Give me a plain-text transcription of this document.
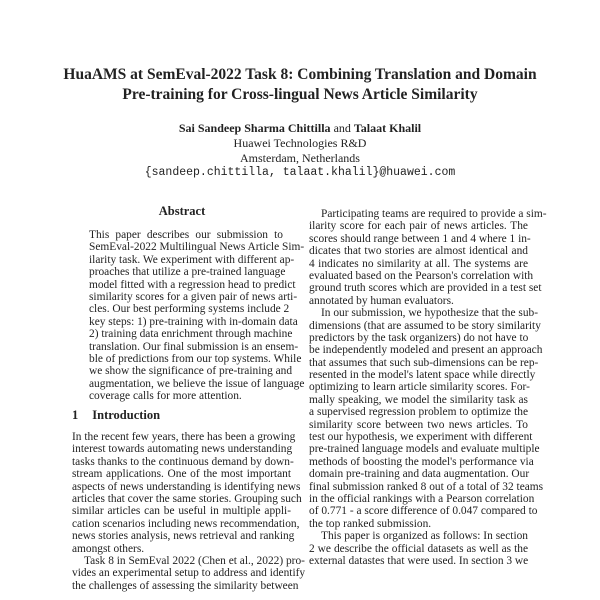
HuaAMS at SemEval-2022 Task 8: Combining Translation and Domain
Pre-training for Cross-lingual News Article Similarity
Sai Sandeep Sharma Chittilla and Talaat Khalil
Huawei Technologies R&D
Amsterdam, Netherlands
{sandeep.chittilla, talaat.khalil}@huawei.com
Abstract
This paper describes our submission to
SemEval-2022 Multilingual News Article Sim-
ilarity task. We experiment with different ap-
proaches that utilize a pre-trained language
model fitted with a regression head to predict
similarity scores for a given pair of news arti-
cles. Our best performing systems include 2
key steps: 1) pre-training with in-domain data
2) training data enrichment through machine
translation. Our final submission is an ensem-
ble of predictions from our top systems. While
we show the significance of pre-training and
augmentation, we believe the issue of language
coverage calls for more attention.
1 Introduction
In the recent few years, there has been a growing
interest towards automating news understanding
tasks thanks to the continuous demand by down-
stream applications. One of the most important
aspects of news understanding is identifying news
articles that cover the same stories. Grouping such
similar articles can be useful in multiple appli-
cation scenarios including news recommendation,
news stories analysis, news retrieval and ranking
amongst others.
Task 8 in SemEval 2022 (Chen et al., 2022) pro-
vides an experimental setup to address and identify
the challenges of assessing the similarity between
Participating teams are required to provide a sim-
ilarity score for each pair of news articles. The
scores should range between 1 and 4 where 1 in-
dicates that two stories are almost identical and
4 indicates no similarity at all. The systems are
evaluated based on the Pearson's correlation with
ground truth scores which are provided in a test set
annotated by human evaluators.
In our submission, we hypothesize that the sub-
dimensions (that are assumed to be story similarity
predictors by the task organizers) do not have to
be independently modeled and present an approach
that assumes that such sub-dimensions can be rep-
resented in the model's latent space while directly
optimizing to learn article similarity scores. For-
mally speaking, we model the similarity task as
a supervised regression problem to optimize the
similarity score between two news articles. To
test our hypothesis, we experiment with different
pre-trained language models and evaluate multiple
methods of boosting the model's performance via
domain pre-training and data augmentation. Our
final submission ranked 8 out of a total of 32 teams
in the official rankings with a Pearson correlation
of 0.771 - a score difference of 0.047 compared to
the top ranked submission.
This paper is organized as follows: In section
2 we describe the official datasets as well as the
external datastes that were used. In section 3 we
